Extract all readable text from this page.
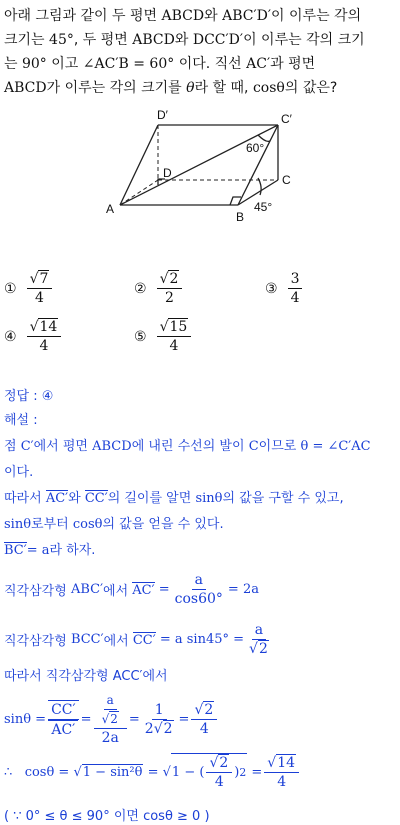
아래 그림과 같이 두 평면 ABCD와 ABC′D′이 이루는 각의

크기는 45°, 두 평면 ABCD와 DCC′D′이 이루는 각의 크기

는 90° 이고 ∠AC′B = 60° 이다. 직선 AC′과 평면

ABCD가 이루는 각의 크기를 θ라 할 때, cosθ의 값은?

A
B
C
D
C′
D′
60°
45°
① $\frac{√7}{4}$	② $\frac{√2}{2}$	③ $\frac{3}{4}$
④ $\frac{√14}{4}$	⑤ $\frac{√15}{4}$
정답 : ④
해설 :
점 C′에서 평면 ABCD에 내린 수선의 발이 C이므로 θ = ∠C′AC
이다.
따라서 AC′와 CC′의 길이를 알면 sinθ의 값을 구할 수 있고,
sinθ로부터 cosθ의 값을 얻을 수 있다.
BC′= a라 하자.
직각삼각형
ABC′ 에서
AC′
= $\frac{a}{\cos 60^\circ} = 2a$
직각삼각형
BCC′ 에서
CC′
= a $\sin 45^\circ = \frac{a}{√2}$
따라서 직각삼각형 ACC′에서
$\sin\theta = \frac{CC'}{AC'} = \frac{\frac{a}{√2}}{2a} = \frac{1}{2√2} = \frac{√2}{4}$
∴
cosθ =
√1 − sin²θ
=
√ 1 − ( $\frac{√2}{4}$ ) 2
= $\frac{√14}{4}$
( ∵ 0° ≤ θ ≤ 90° 이면 cosθ ≥ 0 )
